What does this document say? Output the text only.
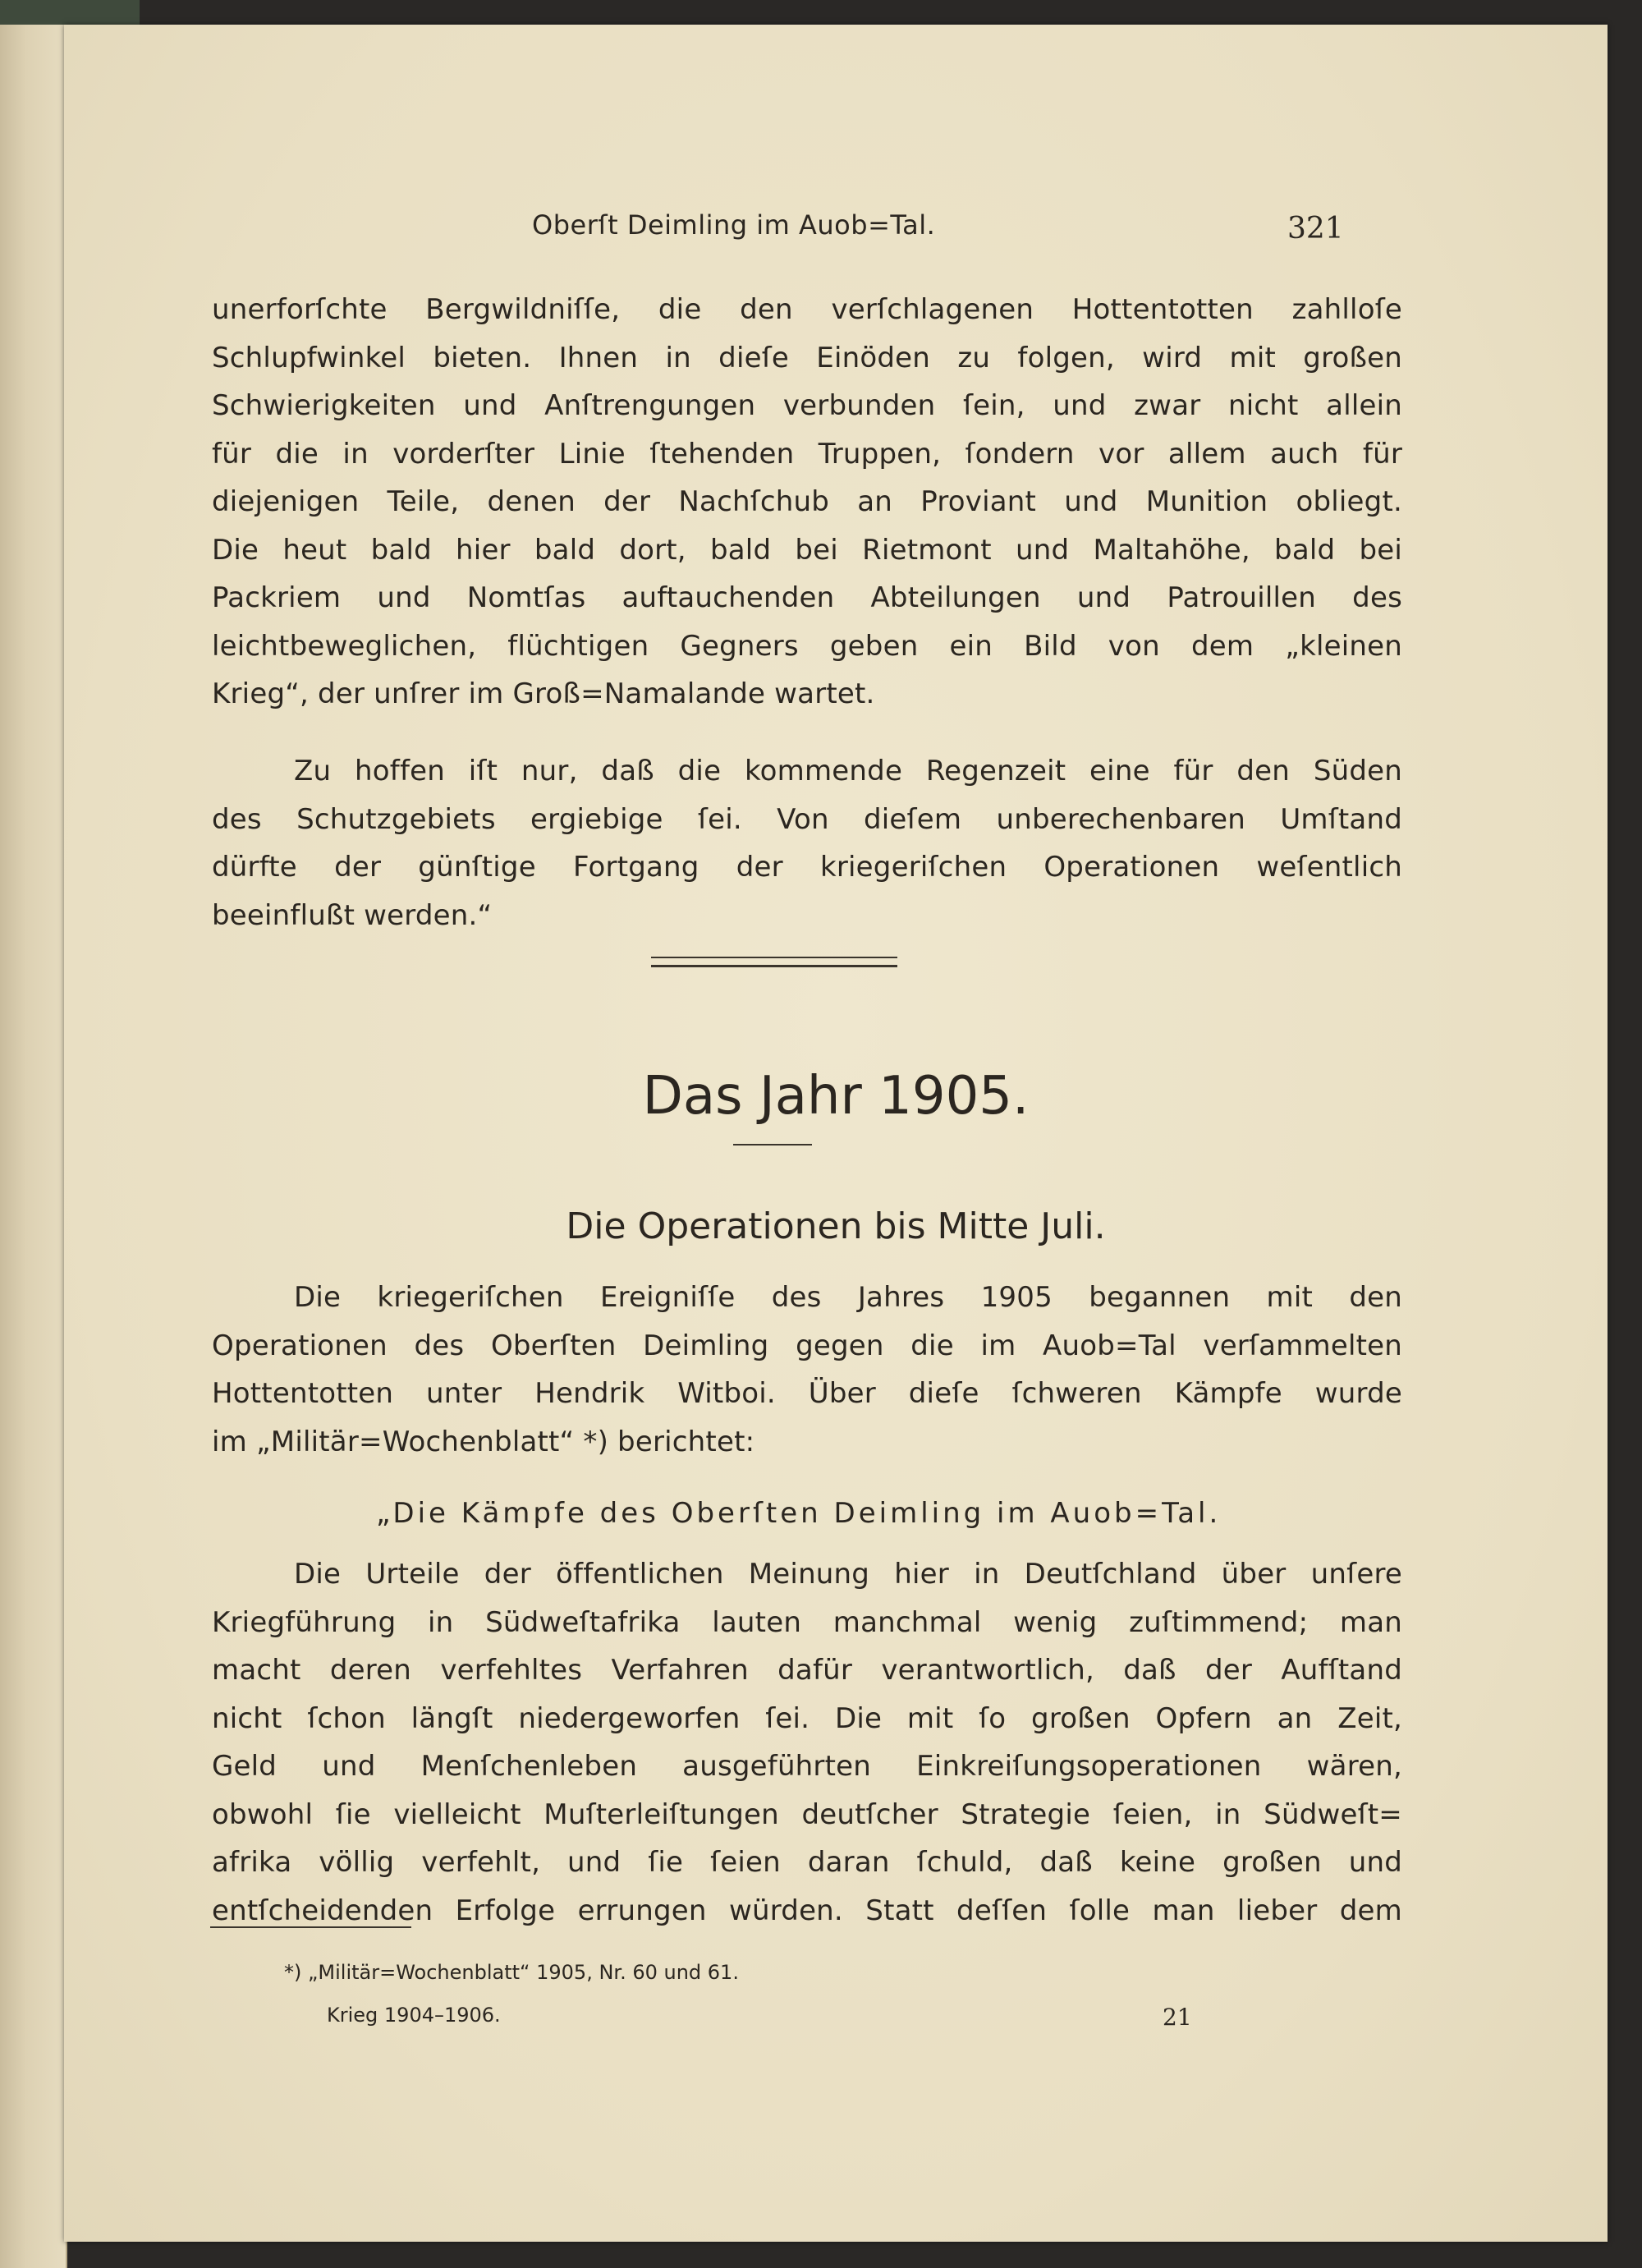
Oberſt Deimling im Auob=Tal.	321
unerforſchte Bergwildniſſe, die den verſchlagenen Hottentotten zahlloſe
Schlupfwinkel bieten. Ihnen in dieſe Einöden zu folgen, wird mit großen
Schwierigkeiten und Anſtrengungen verbunden ſein, und zwar nicht allein
für die in vorderſter Linie ſtehenden Truppen, ſondern vor allem auch für
diejenigen Teile, denen der Nachſchub an Proviant und Munition obliegt.
Die heut bald hier bald dort, bald bei Rietmont und Maltahöhe, bald bei
Packriem und Nomtſas auftauchenden Abteilungen und Patrouillen des
leichtbeweglichen, flüchtigen Gegners geben ein Bild von dem „kleinen
Krieg“, der unſrer im Groß=Namalande wartet.
Zu hoffen iſt nur, daß die kommende Regenzeit eine für den Süden
des Schutzgebiets ergiebige ſei. Von dieſem unberechenbaren Umſtand
dürfte der günſtige Fortgang der kriegeriſchen Operationen weſentlich
beeinflußt werden.“
Das Jahr 1905.
Die Operationen bis Mitte Juli.
Die kriegeriſchen Ereigniſſe des Jahres 1905 begannen mit den
Operationen des Oberſten Deimling gegen die im Auob=Tal verſammelten
Hottentotten unter Hendrik Witboi. Über dieſe ſchweren Kämpfe wurde
im „Militär=Wochenblatt“ *) berichtet:
„Die Kämpfe des Oberſten Deimling im Auob=Tal.
Die Urteile der öffentlichen Meinung hier in Deutſchland über unſere
Kriegführung in Südweſtafrika lauten manchmal wenig zuſtimmend; man
macht deren verfehltes Verfahren dafür verantwortlich, daß der Aufſtand
nicht ſchon längſt niedergeworfen ſei. Die mit ſo großen Opfern an Zeit,
Geld und Menſchenleben ausgeführten Einkreiſungsoperationen wären,
obwohl ſie vielleicht Muſterleiſtungen deutſcher Strategie ſeien, in Südweſt=
afrika völlig verfehlt, und ſie ſeien daran ſchuld, daß keine großen und
entſcheidenden Erfolge errungen würden. Statt deſſen ſolle man lieber dem
*) „Militär=Wochenblatt“ 1905, Nr. 60 und 61.
Krieg 1904–1906.	21
